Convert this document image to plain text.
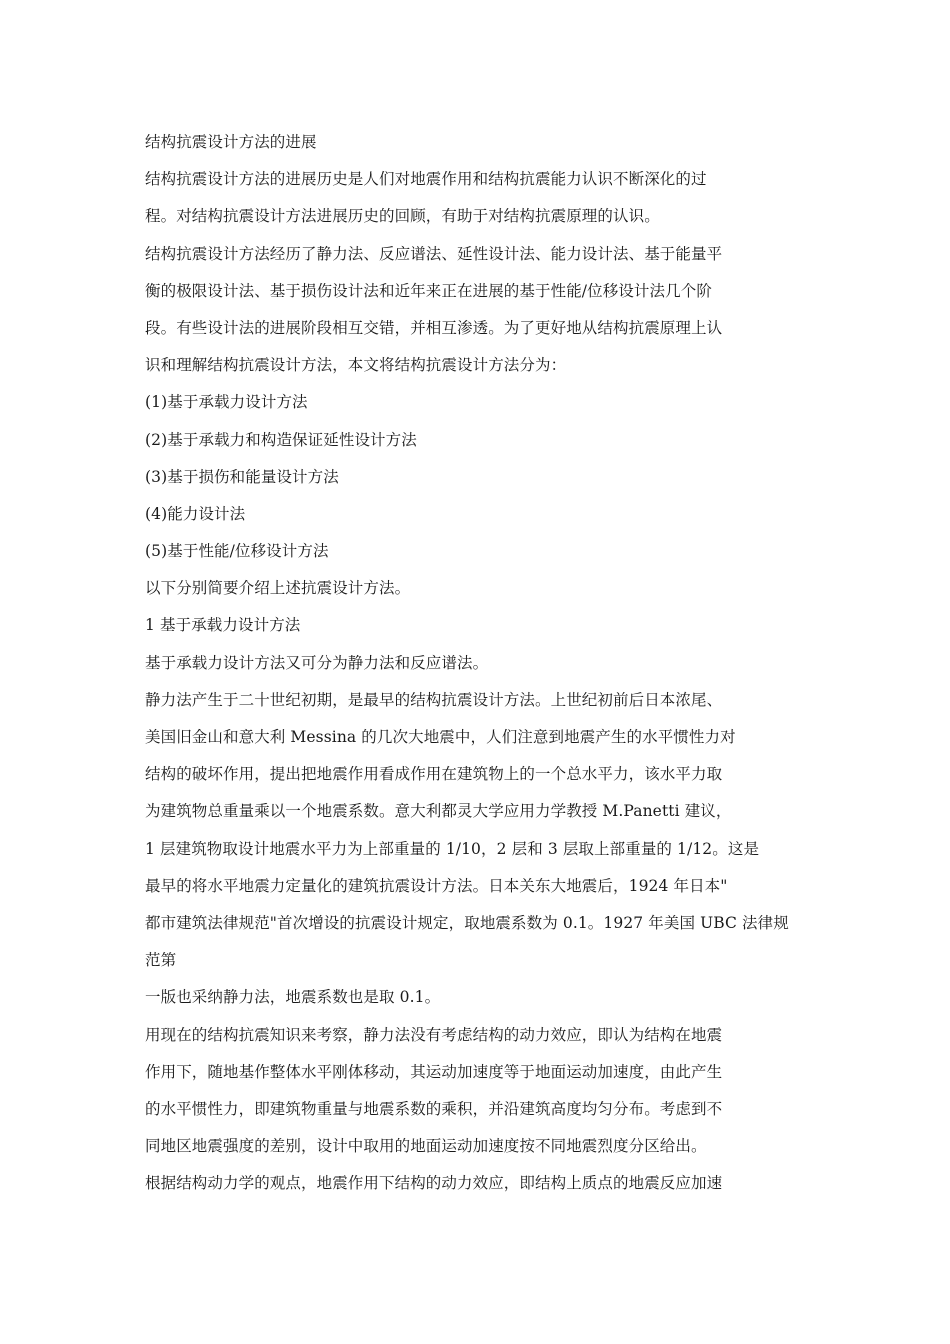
结构抗震设计方法的进展
结构抗震设计方法的进展历史是人们对地震作用和结构抗震能力认识不断深化的过
程。对结构抗震设计方法进展历史的回顾，有助于对结构抗震原理的认识。
结构抗震设计方法经历了静力法、反应谱法、延性设计法、能力设计法、基于能量平
衡的极限设计法、基于损伤设计法和近年来正在进展的基于性能/位移设计法几个阶
段。有些设计法的进展阶段相互交错，并相互渗透。为了更好地从结构抗震原理上认
识和理解结构抗震设计方法，本文将结构抗震设计方法分为：
(1)基于承载力设计方法
(2)基于承载力和构造保证延性设计方法
(3)基于损伤和能量设计方法
(4)能力设计法
(5)基于性能/位移设计方法
以下分别简要介绍上述抗震设计方法。
1 基于承载力设计方法
基于承载力设计方法又可分为静力法和反应谱法。
静力法产生于二十世纪初期，是最早的结构抗震设计方法。上世纪初前后日本浓尾、
美国旧金山和意大利 Messina 的几次大地震中，人们注意到地震产生的水平惯性力对
结构的破坏作用，提出把地震作用看成作用在建筑物上的一个总水平力，该水平力取
为建筑物总重量乘以一个地震系数。意大利都灵大学应用力学教授 M.Panetti 建议，
1 层建筑物取设计地震水平力为上部重量的 1/10，2 层和 3 层取上部重量的 1/12。这是
最早的将水平地震力定量化的建筑抗震设计方法。日本关东大地震后，1924 年日本"
都市建筑法律规范"首次增设的抗震设计规定，取地震系数为 0.1。1927 年美国 UBC 法律规
范第
一版也采纳静力法，地震系数也是取 0.1。
用现在的结构抗震知识来考察，静力法没有考虑结构的动力效应，即认为结构在地震
作用下，随地基作整体水平刚体移动，其运动加速度等于地面运动加速度，由此产生
的水平惯性力，即建筑物重量与地震系数的乘积，并沿建筑高度均匀分布。考虑到不
同地区地震强度的差别，设计中取用的地面运动加速度按不同地震烈度分区给出。
根据结构动力学的观点，地震作用下结构的动力效应，即结构上质点的地震反应加速
